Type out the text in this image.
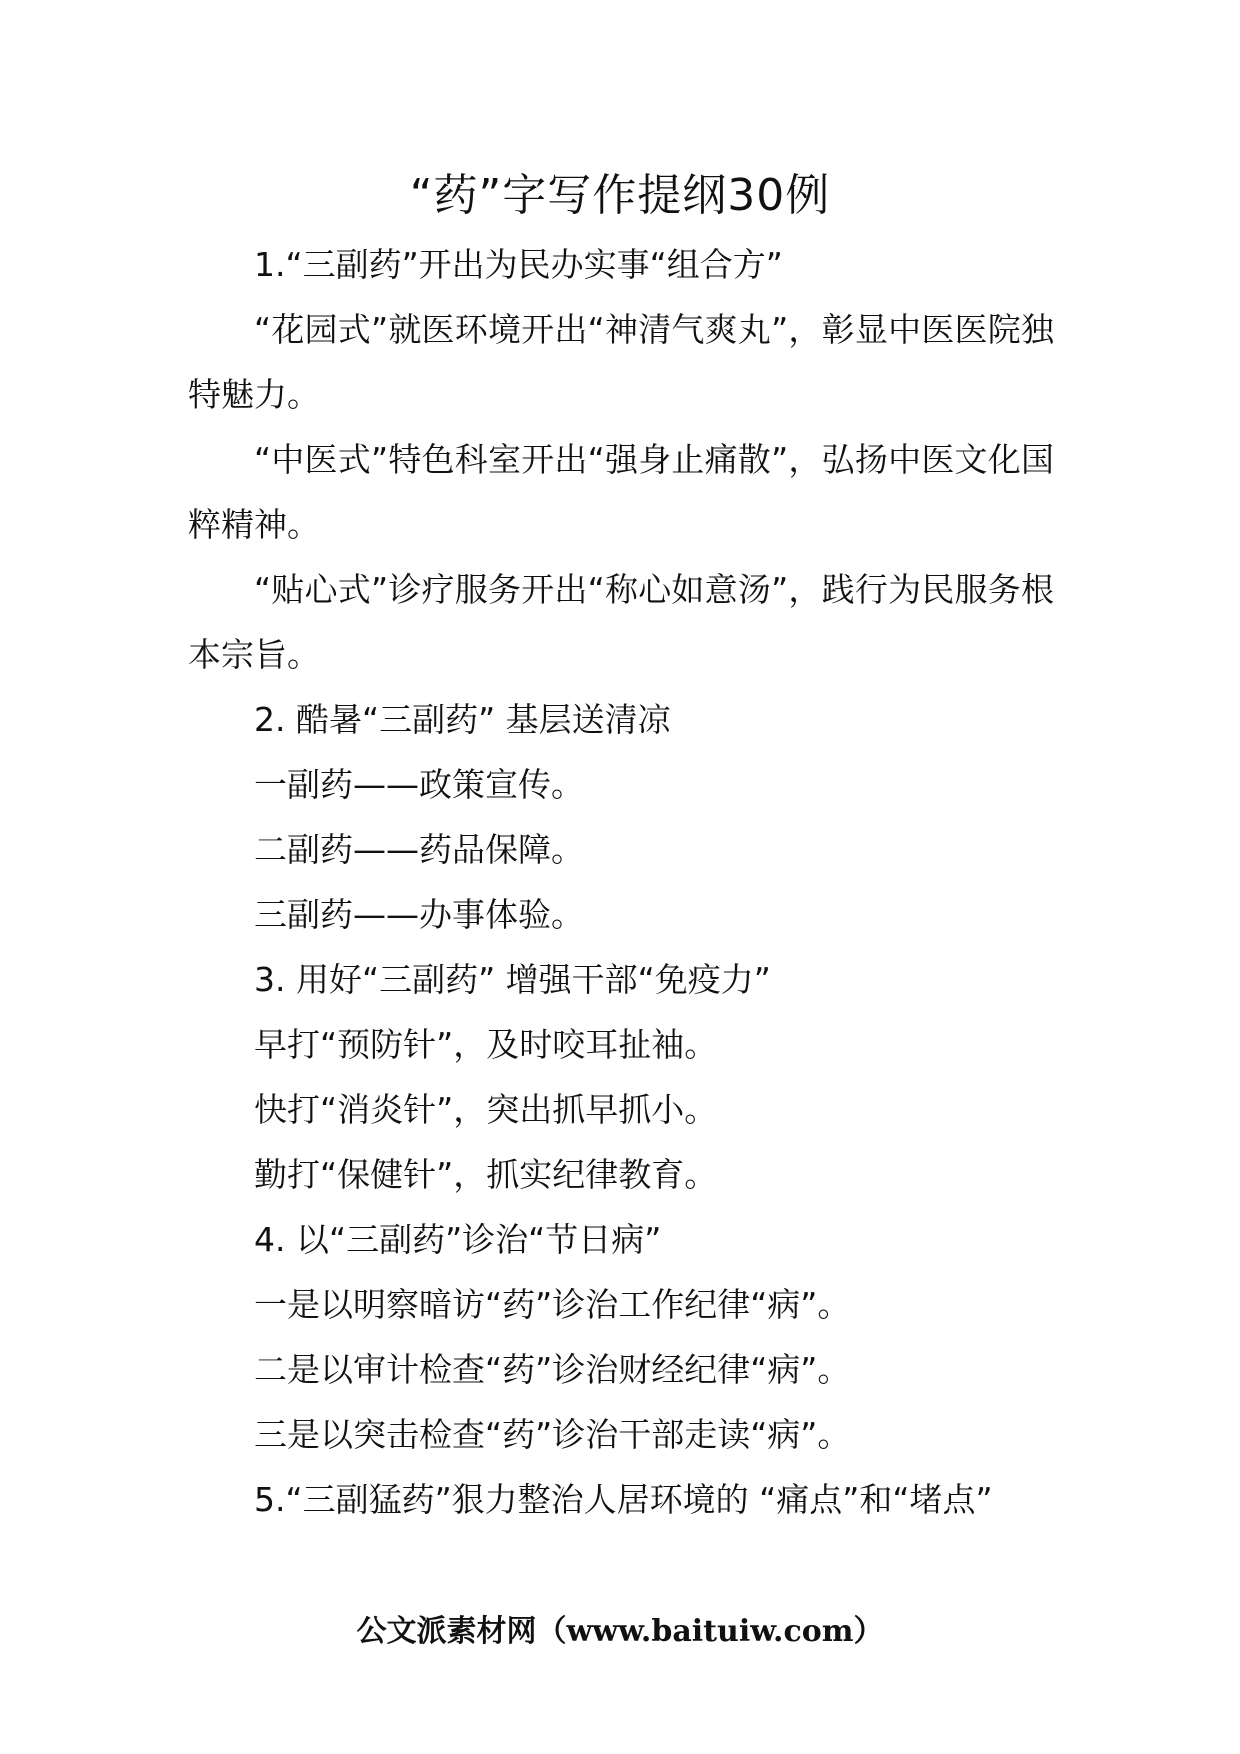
“药”字写作提纲30例

1.“三副药”开出为民办实事“组合方”

“花园式”就医环境开出“神清气爽丸”，彰显中医医院独特魅力。

“中医式”特色科室开出“强身止痛散”，弘扬中医文化国粹精神。

“贴心式”诊疗服务开出“称心如意汤”，践行为民服务根本宗旨。

2. 酷暑“三副药” 基层送清凉

一副药——政策宣传。

二副药——药品保障。

三副药——办事体验。

3. 用好“三副药” 增强干部“免疫力”

早打“预防针”，及时咬耳扯袖。

快打“消炎针”，突出抓早抓小。

勤打“保健针”，抓实纪律教育。

4. 以“三副药”诊治“节日病”

一是以明察暗访“药”诊治工作纪律“病”。

二是以审计检查“药”诊治财经纪律“病”。

三是以突击检查“药”诊治干部走读“病”。

5.“三副猛药”狠力整治人居环境的 “痛点”和“堵点”

公文派素材网（www.baituiw.com）
